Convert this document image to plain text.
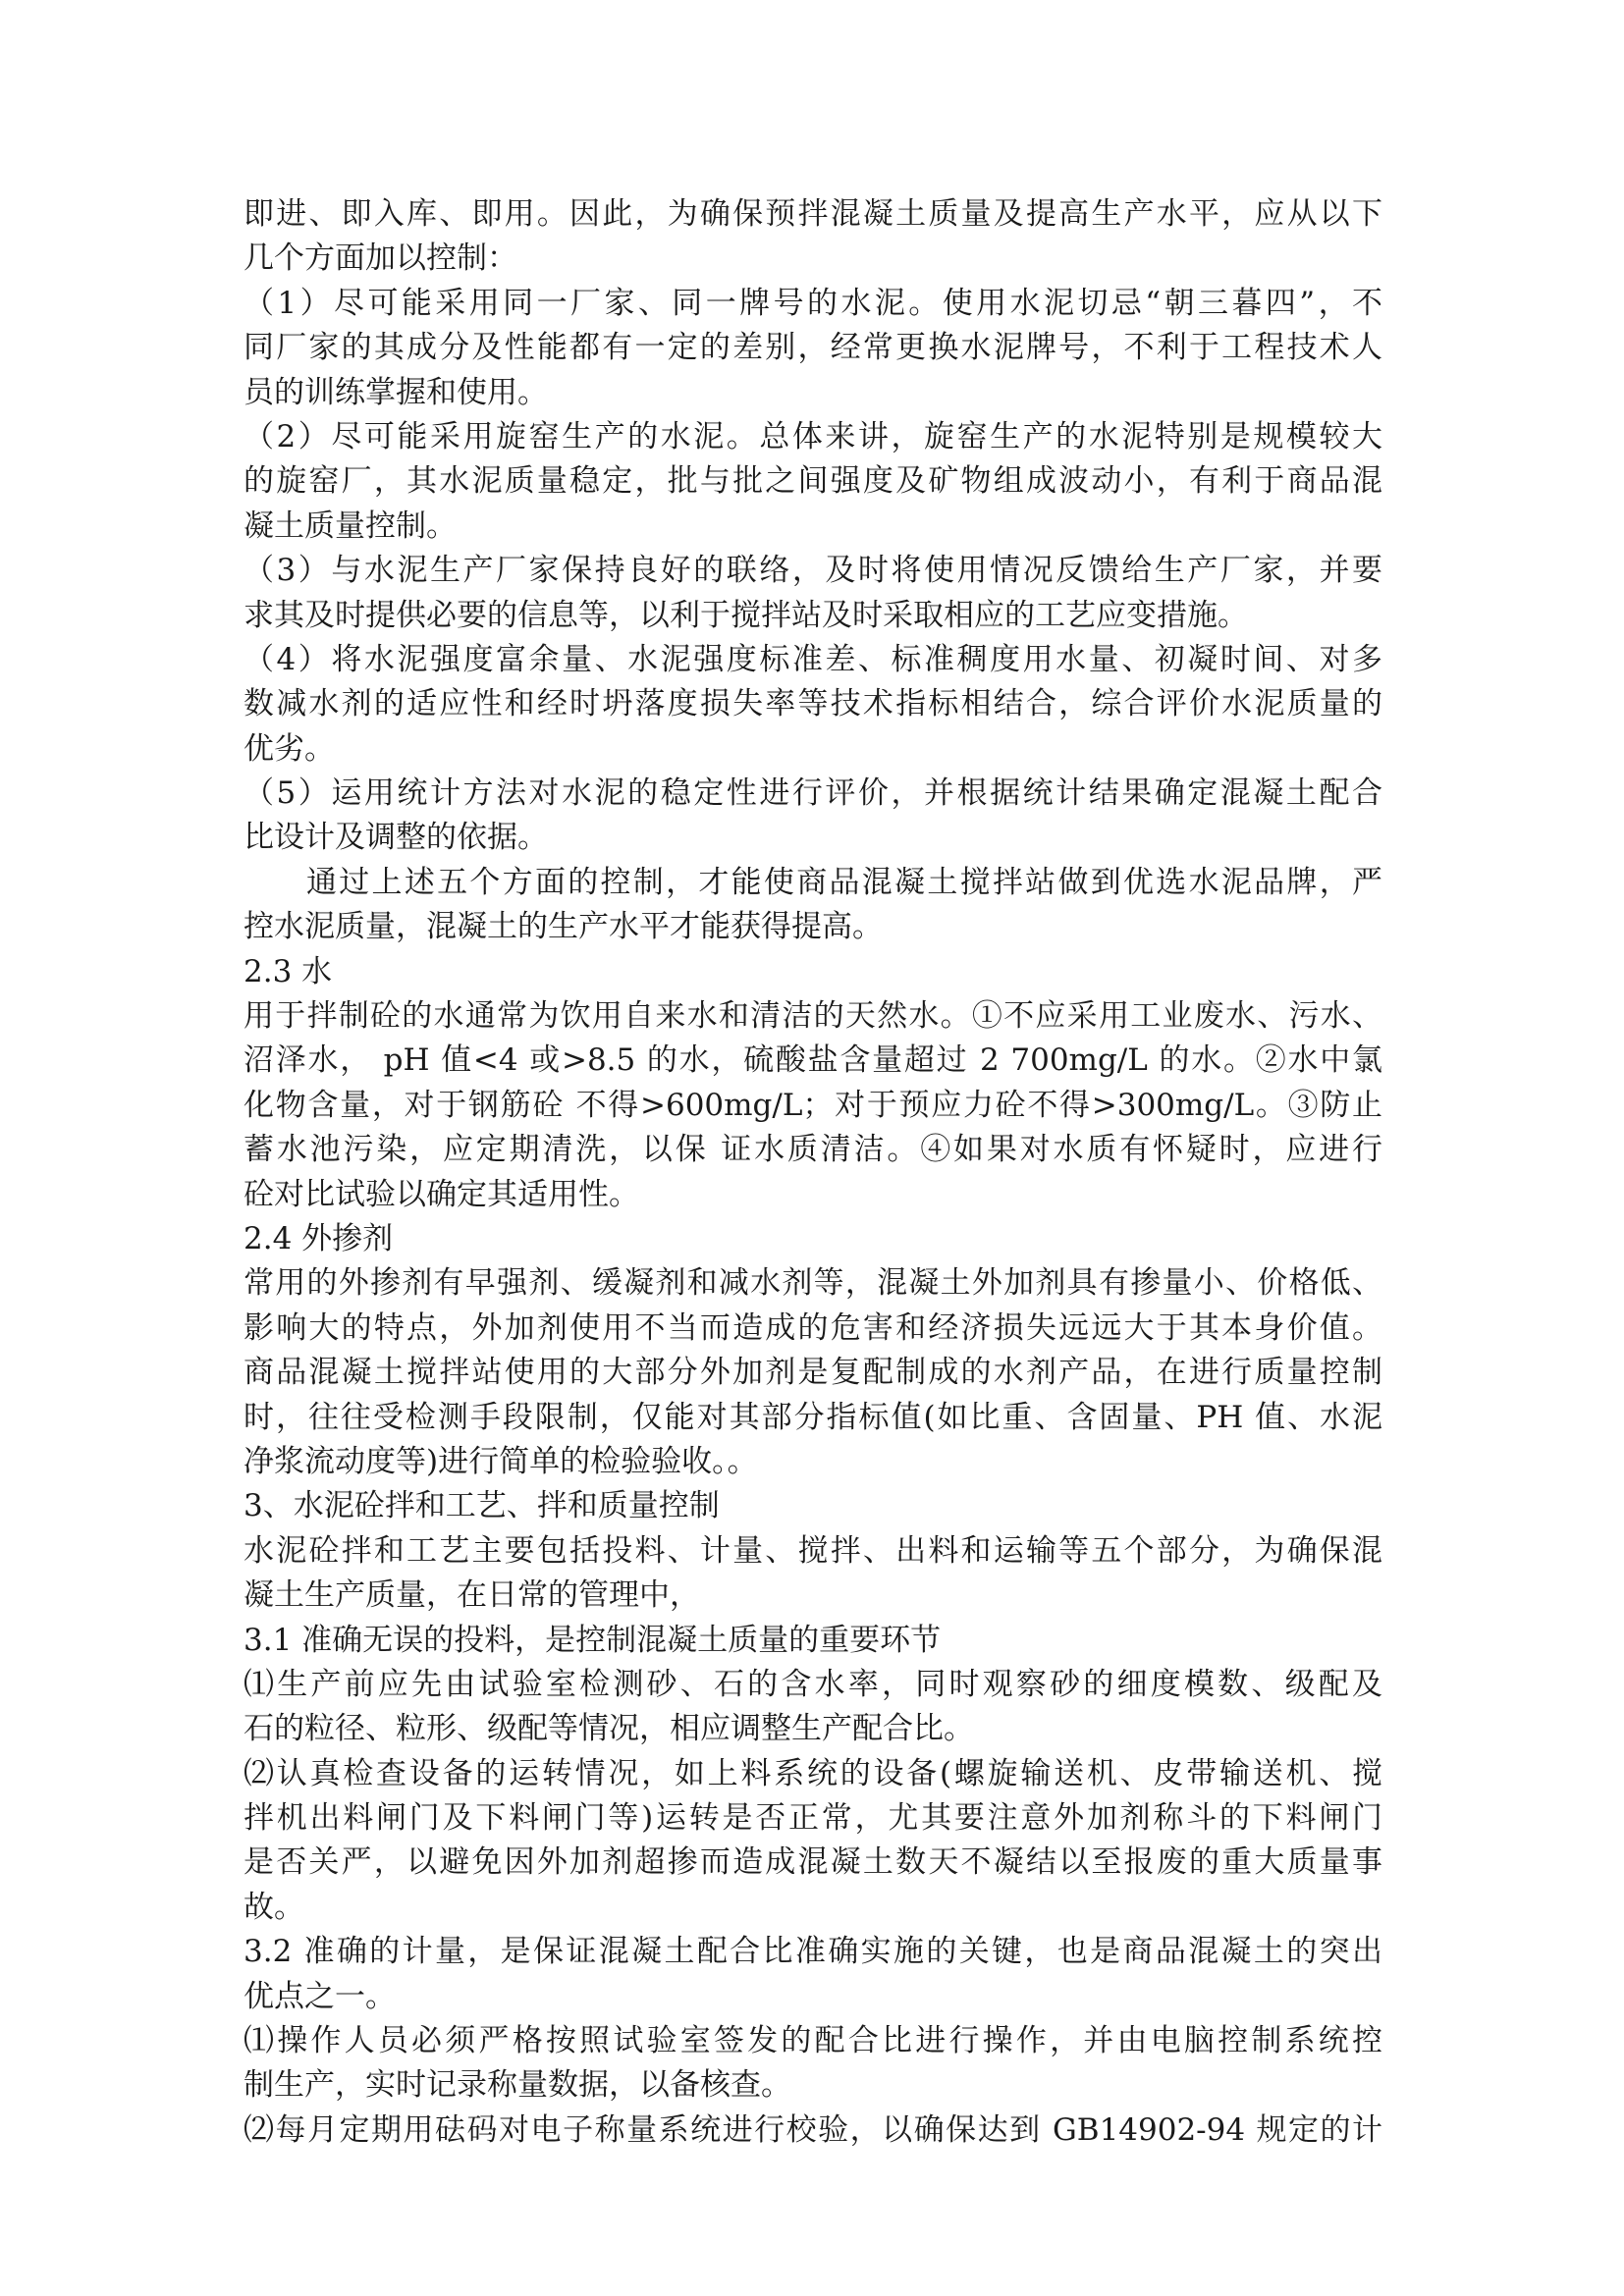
即进、即入库、即用。因此，为确保预拌混凝土质量及提高生产水平，应从以下
几个方面加以控制：
（1）尽可能采用同一厂家、同一牌号的水泥。使用水泥切忌“朝三暮四”，不
同厂家的其成分及性能都有一定的差别，经常更换水泥牌号，不利于工程技术人
员的训练掌握和使用。
（2）尽可能采用旋窑生产的水泥。总体来讲，旋窑生产的水泥特别是规模较大
的旋窑厂，其水泥质量稳定，批与批之间强度及矿物组成波动小，有利于商品混
凝土质量控制。
（3）与水泥生产厂家保持良好的联络，及时将使用情况反馈给生产厂家，并要
求其及时提供必要的信息等，以利于搅拌站及时采取相应的工艺应变措施。
（4）将水泥强度富余量、水泥强度标准差、标准稠度用水量、初凝时间、对多
数减水剂的适应性和经时坍落度损失率等技术指标相结合，综合评价水泥质量的
优劣。
（5）运用统计方法对水泥的稳定性进行评价，并根据统计结果确定混凝土配合
比设计及调整的依据。
通过上述五个方面的控制，才能使商品混凝土搅拌站做到优选水泥品牌，严
控水泥质量，混凝土的生产水平才能获得提高。
2.3 水
用于拌制砼的水通常为饮用自来水和清洁的天然水。①不应采用工业废水、污水、
沼泽水， pH 值<4 或>8.5 的水，硫酸盐含量超过 2 700mg/L 的水。②水中氯
化物含量，对于钢筋砼 不得>600mg/L；对于预应力砼不得>300mg/L。③防止
蓄水池污染，应定期清洗，以保 证水质清洁。④如果对水质有怀疑时，应进行
砼对比试验以确定其适用性。
2.4 外掺剂
常用的外掺剂有早强剂、缓凝剂和减水剂等，混凝土外加剂具有掺量小、价格低、
影响大的特点，外加剂使用不当而造成的危害和经济损失远远大于其本身价值。
商品混凝土搅拌站使用的大部分外加剂是复配制成的水剂产品，在进行质量控制
时，往往受检测手段限制，仅能对其部分指标值(如比重、含固量、PH 值、水泥
净浆流动度等)进行简单的检验验收。。
3、水泥砼拌和工艺、拌和质量控制
水泥砼拌和工艺主要包括投料、计量、搅拌、出料和运输等五个部分，为确保混
凝土生产质量，在日常的管理中，
3.1 准确无误的投料，是控制混凝土质量的重要环节
⑴生产前应先由试验室检测砂、石的含水率，同时观察砂的细度模数、级配及
石的粒径、粒形、级配等情况，相应调整生产配合比。
⑵认真检查设备的运转情况，如上料系统的设备(螺旋输送机、皮带输送机、搅
拌机出料闸门及下料闸门等)运转是否正常，尤其要注意外加剂称斗的下料闸门
是否关严，以避免因外加剂超掺而造成混凝土数天不凝结以至报废的重大质量事
故。
3.2 准确的计量，是保证混凝土配合比准确实施的关键，也是商品混凝土的突出
优点之一。
⑴操作人员必须严格按照试验室签发的配合比进行操作，并由电脑控制系统控
制生产，实时记录称量数据，以备核查。
⑵每月定期用砝码对电子称量系统进行校验，以确保达到 GB14902-94 规定的计
